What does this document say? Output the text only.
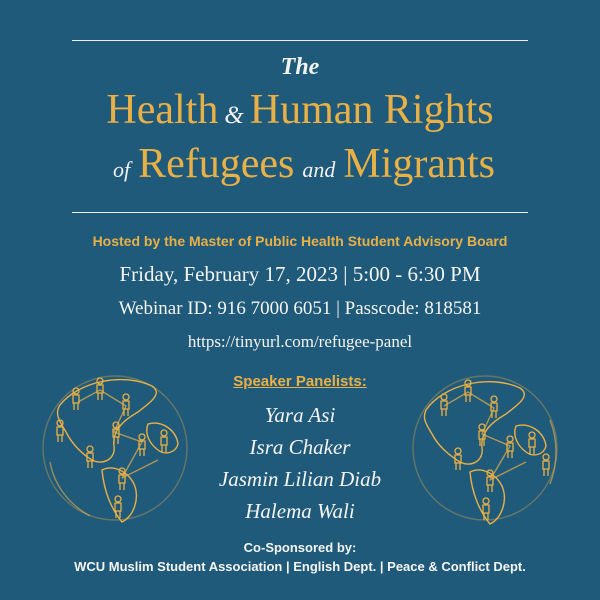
The
Health & Human Rights
of Refugees and Migrants
Hosted by the Master of Public Health Student Advisory Board
Friday, February 17, 2023 | 5:00 - 6:30 PM
Webinar ID: 916 7000 6051 | Passcode: 818581
https://tinyurl.com/refugee-panel
Speaker Panelists:
Yara Asi
Isra Chaker
Jasmin Lilian Diab
Halema Wali
Co-Sponsored by:
WCU Muslim Student Association | English Dept. | Peace & Conflict Dept.
